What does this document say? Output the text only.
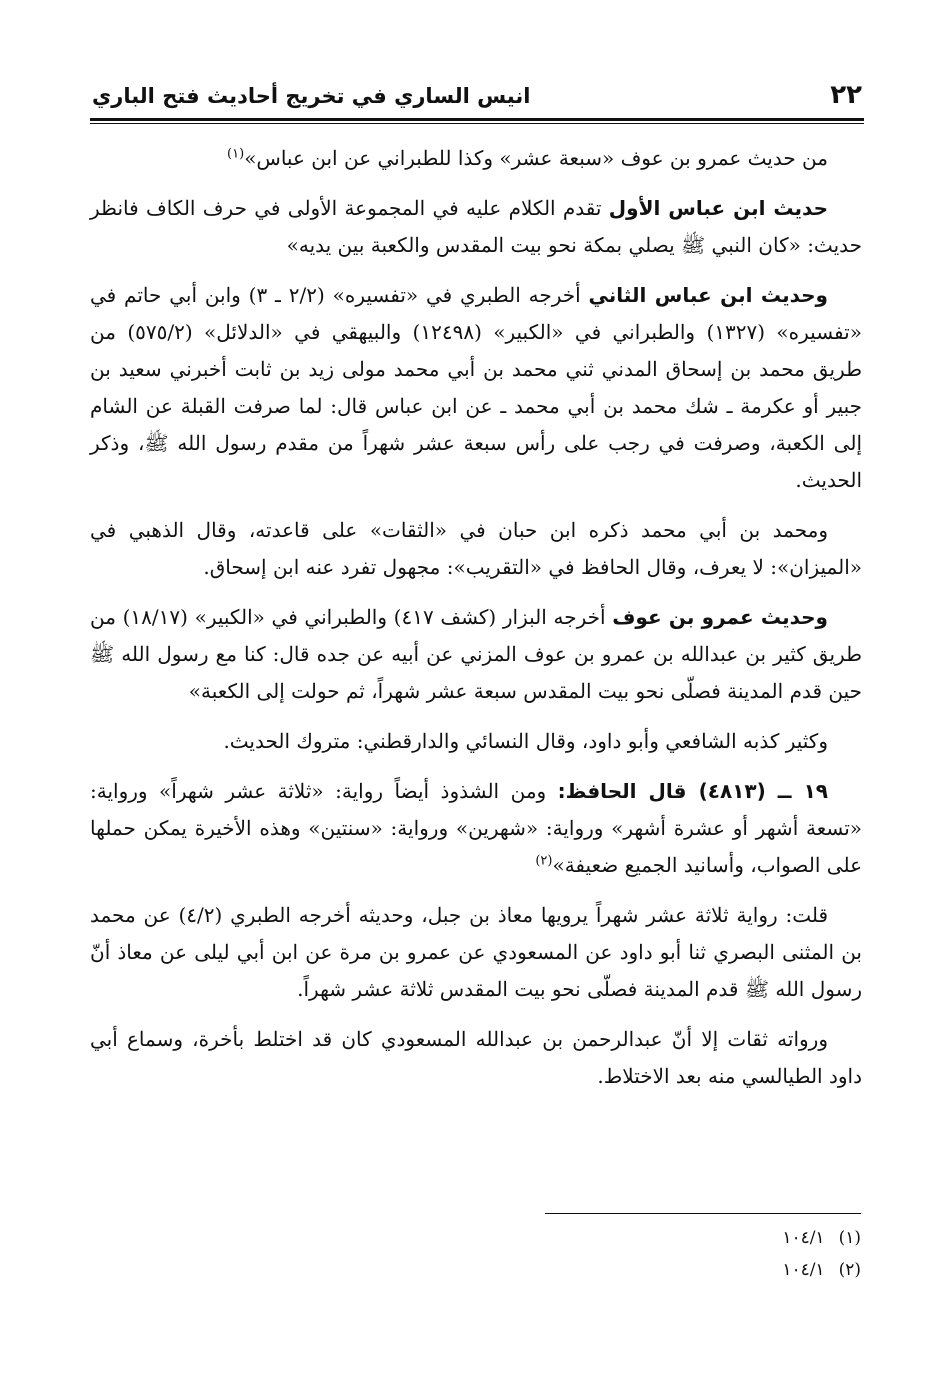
٢٢
انيس الساري في تخريج أحاديث فتح الباري

من حديث عمرو بن عوف «سبعة عشر» وكذا للطبراني عن ابن عباس»$^{(١)}$

حديث ابن عباس الأول تقدم الكلام عليه في المجموعة الأولى في حرف الكاف فانظر حديث: «كان النبي ﷺ يصلي بمكة نحو بيت المقدس والكعبة بين يديه»

وحديث ابن عباس الثاني أخرجه الطبري في «تفسيره» (٢/٢ ـ ٣) وابن أبي حاتم في «تفسيره» (١٣٢٧) والطبراني في «الكبير» (١٢٤٩٨) والبيهقي في «الدلائل» (٥٧٥/٢) من طريق محمد بن إسحاق المدني ثني محمد بن أبي محمد مولى زيد بن ثابت أخبرني سعيد بن جبير أو عكرمة ـ شك محمد بن أبي محمد ـ عن ابن عباس قال: لما صرفت القبلة عن الشام إلى الكعبة، وصرفت في رجب على رأس سبعة عشر شهراً من مقدم رسول الله ﷺ، وذكر الحديث.

ومحمد بن أبي محمد ذكره ابن حبان في «الثقات» على قاعدته، وقال الذهبي في «الميزان»: لا يعرف، وقال الحافظ في «التقريب»: مجهول تفرد عنه ابن إسحاق.

وحديث عمرو بن عوف أخرجه البزار (كشف ٤١٧) والطبراني في «الكبير» (١٨/١٧) من طريق كثير بن عبدالله بن عمرو بن عوف المزني عن أبيه عن جده قال: كنا مع رسول الله ﷺ حين قدم المدينة فصلّى نحو بيت المقدس سبعة عشر شهراً، ثم حولت إلى الكعبة»

وكثير كذبه الشافعي وأبو داود، وقال النسائي والدارقطني: متروك الحديث.

١٩ ــ (٤٨١٣) قال الحافظ: ومن الشذوذ أيضاً رواية: «ثلاثة عشر شهراً» ورواية: «تسعة أشهر أو عشرة أشهر» ورواية: «شهرين» ورواية: «سنتين» وهذه الأخيرة يمكن حملها على الصواب، وأسانيد الجميع ضعيفة»$^{(٢)}$

قلت: رواية ثلاثة عشر شهراً يرويها معاذ بن جبل، وحديثه أخرجه الطبري (٤/٢) عن محمد بن المثنى البصري ثنا أبو داود عن المسعودي عن عمرو بن مرة عن ابن أبي ليلى عن معاذ أنّ رسول الله ﷺ قدم المدينة فصلّى نحو بيت المقدس ثلاثة عشر شهراً.

ورواته ثقات إلا أنّ عبدالرحمن بن عبدالله المسعودي كان قد اختلط بأخرة، وسماع أبي داود الطيالسي منه بعد الاختلاط.

(١)١٠٤/١
(٢)١٠٤/١
